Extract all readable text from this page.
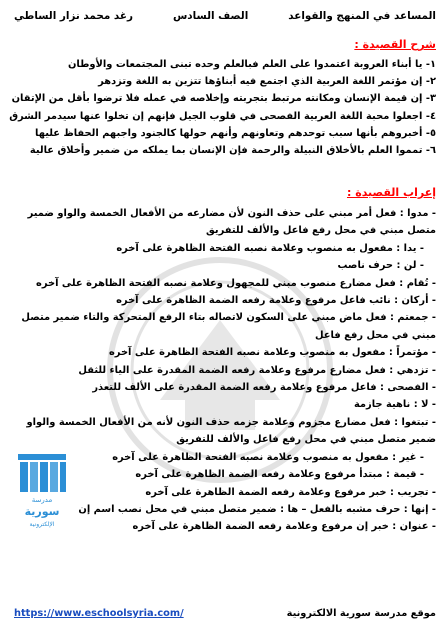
المساعد في المنهج والقواعد
الصف السادس
رغد محمد نزار الساطي
شرح القصيدة :
١- يا أبناء العروبة اعتمدوا على العلم فبالعلم وحده تبنى المجتمعات والأوطان
٢- إن مؤتمر اللغة العربية الذي اجتمع فيه أبناؤها تتزين به اللغة وتزدهر
٣- إن قيمة الإنسان ومكانته مرتبط بتجربته وإخلاصه في عمله فلا ترضوا بأقل من الإتقان
٤- اجعلوا محبة اللغة العربية الفصحى في قلوب الجيل فإنهم إن تخلوا عنها سيدمر الشرق
٥- أخبروهم بأنها سبب توحدهم وتعاونهم وأنهم حولها كالجنود واجبهم الحفاظ عليها
٦- تمموا العلم بالأخلاق النبيلة والرحمة فإن الإنسان بما يملكه من ضمير وأخلاق عالية
إعراب القصيدة :
- مدوا : فعل أمر مبني على حذف النون لأن مضارعه من الأفعال الخمسة والواو ضمير متصل مبني في محل رفع فاعل والألف للتفريق
- يدا : مفعول به منصوب وعلامة نصبه الفتحة الظاهرة على آخره
- لن : حرف ناصب
- تُقام : فعل مضارع منصوب مبني للمجهول وعلامة نصبه الفتحة الظاهرة على آخره
- أركان : نائب فاعل مرفوع وعلامة رفعه الضمة الظاهرة على آخره
- جمعتم : فعل ماض مبني على السكون لاتصاله بتاء الرفع المتحركة والتاء ضمير متصل مبني في محل رفع فاعل
- مؤتمراً : مفعول به منصوب وعلامة نصبه الفتحة الظاهرة على آخره
- تزدهي : فعل مضارع مرفوع وعلامة رفعه الضمة المقدرة على الياء للثقل
- الفصحى : فاعل مرفوع وعلامة رفعه الضمة المقدرة على الألف للتعذر
- لا : ناهية جازمة
- تبتغوا : فعل مضارع مجزوم وعلامة جزمه حذف النون لأنه من الأفعال الخمسة والواو ضمير متصل مبني في محل رفع فاعل والألف للتفريق
- غير : مفعول به منصوب وعلامة نصبه الفتحة الظاهرة على آخره
- قيمة : مبتدأ مرفوع وعلامة رفعه الضمة الظاهرة على آخره
- تجريب : خبر مرفوع وعلامة رفعه الضمة الظاهرة على آخره
- إنها : حرف مشبه بالفعل – ها : ضمير متصل مبني في محل نصب اسم إن
- عنوان : خبر إن مرفوع وعلامة رفعه الضمة الظاهرة على آخره
مدرسة
سورية
الإلكترونية
موقع مدرسة سورية الالكترونية
https://www.eschoolsyria.com/
